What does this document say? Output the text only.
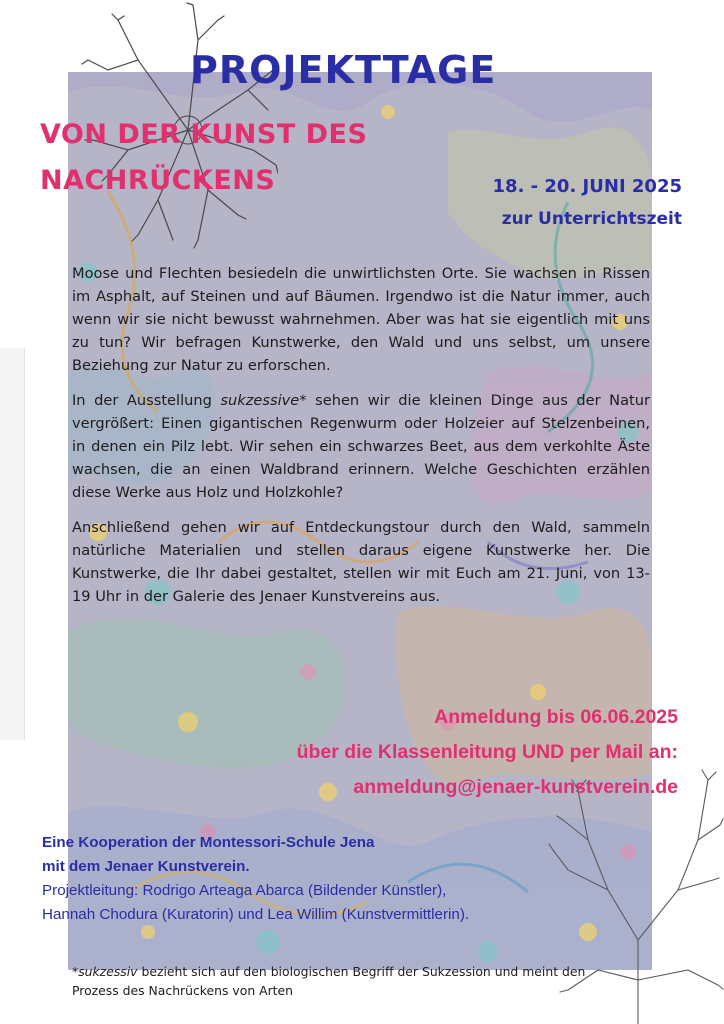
PROJEKTTAGE
VON DER KUNST DES
NACHRÜCKENS	18. - 20. JUNI 2025
zur Unterrichtszeit

Moose und Flechten besiedeln die unwirtlichsten Orte. Sie wachsen in Rissen im Asphalt, auf Steinen und auf Bäumen. Irgendwo ist die Natur immer, auch wenn wir sie nicht bewusst wahrnehmen. Aber was hat sie eigentlich mit uns zu tun? Wir befragen Kunstwerke, den Wald und uns selbst, um unsere Beziehung zur Natur zu erforschen.

In der Ausstellung sukzessive* sehen wir die kleinen Dinge aus der Natur vergrößert: Einen gigantischen Regenwurm oder Holzeier auf Stelzenbeinen, in denen ein Pilz lebt. Wir sehen ein schwarzes Beet, aus dem verkohlte Äste wachsen, die an einen Waldbrand erinnern. Welche Geschichten erzählen diese Werke aus Holz und Holzkohle?

Anschließend gehen wir auf Entdeckungstour durch den Wald, sammeln natürliche Materialien und stellen daraus eigene Kunstwerke her. Die Kunstwerke, die Ihr dabei gestaltet, stellen wir mit Euch am 21. Juni, von 13-19 Uhr in der Galerie des Jenaer Kunstvereins aus.

Anmeldung bis 06.06.2025
über die Klassenleitung UND per Mail an:
anmeldung@jenaer-kunstverein.de
Eine Kooperation der Montessori-Schule Jena
mit dem Jenaer Kunstverein.
Projektleitung: Rodrigo Arteaga Abarca (Bildender Künstler),
Hannah Chodura (Kuratorin) und Lea Willim (Kunstvermittlerin).
*sukzessiv bezieht sich auf den biologischen Begriff der Sukzession und meint den Prozess des Nachrückens von Arten
